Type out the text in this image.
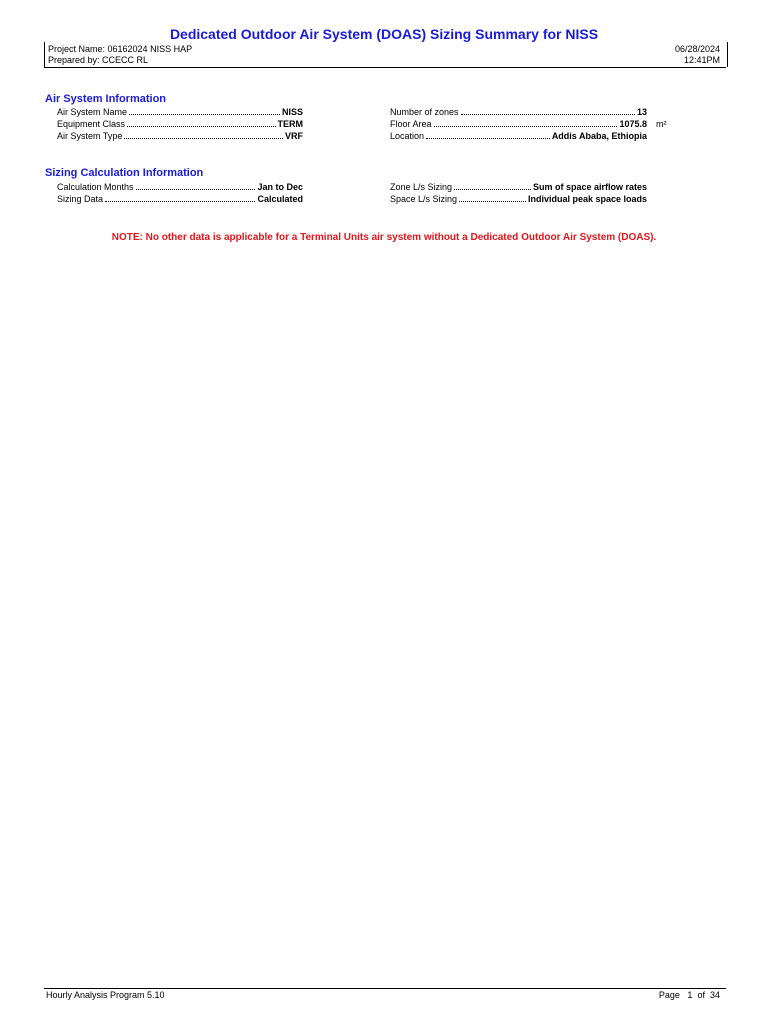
Dedicated Outdoor Air System (DOAS) Sizing Summary for NISS
Project Name: 06162024 NISS HAP	06/28/2024
Prepared by: CCECC RL	12:41PM
Air System Information
Air System Name	NISS
Equipment Class	TERM
Air System Type	VRF
Number of zones	13
Floor Area	1075.8 m²
Location	Addis Ababa, Ethiopia
Sizing Calculation Information
Calculation Months	Jan to Dec
Sizing Data	Calculated
Zone L/s Sizing	Sum of space airflow rates
Space L/s Sizing	Individual peak space loads
NOTE: No other data is applicable for a Terminal Units air system without a Dedicated Outdoor Air System (DOAS).
Hourly Analysis Program 5.10	Page 1 of 34
